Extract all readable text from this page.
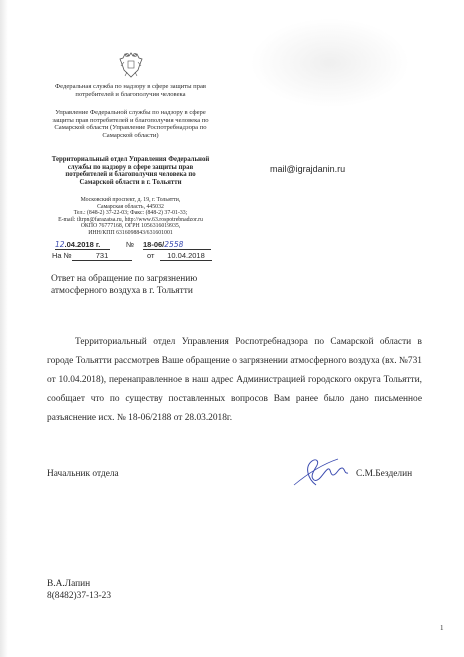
Федеральная служба по надзору в сфере защиты прав потребителей и благополучия человека
Управление Федеральной службы по надзору в сфере защиты прав потребителей и благополучия человека по Самарской области (Управление Роспотребнадзора по Самарской области)
Территориальный отдел Управления Федеральной службы по надзору в сфере защиты прав потребителей и благополучия человека по Самарской области в г. Тольятти
Московский проспект, д. 19, г. Тольятти,
Самарская область, 445032
Тел.: (848-2) 37-22-03; Факс: (848-2) 37-01-33;
E-mail: tltrpn@farazatsa.ru, http://www.63.rospotrebnadzor.ru
ОКПО 76777168, ОГРН 1056316019935,
ИНН/КПП 6316098843/631601001
mail@igrajdanin.ru
12.04.2018 г.	№ 18-06/2558
На №	731	от	10.04.2018
Ответ на обращение по загрязнению атмосферного воздуха в г. Тольятти
Территориальный отдел Управления Роспотребнадзора по Самарской области в городе Тольятти рассмотрев Ваше обращение о загрязнении атмосферного воздуха (вх. №731 от 10.04.2018), перенаправленное в наш адрес Администрацией городского округа Тольятти, сообщает что по существу поставленных вопросов Вам ранее было дано письменное разъяснение исх. № 18-06/2188 от 28.03.2018г.
Начальник отдела	С.М.Безделин
В.А.Лапин
8(8482)37-13-23
1
